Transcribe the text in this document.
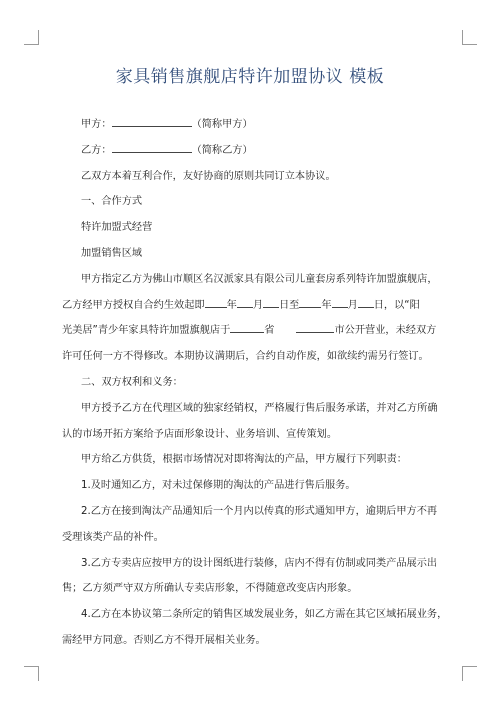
家具销售旗舰店特许加盟协议 模板

甲方：	（简称甲方）

乙方：	（简称乙方）

乙双方本着互利合作，友好协商的原则共同订立本协议。

一、合作方式

特许加盟式经营

加盟销售区域

甲方指定乙方为佛山市顺区名汉派家具有限公司儿童套房系列特许加盟旗舰店，

乙方经甲方授权自合约生效起即 年 月 日至 年 月 日，以“阳

光美居”青少年家具特许加盟旗舰店于	省	市公开营业，未经双方

许可任何一方不得修改。本期协议满期后，合约自动作废，如欲续约需另行签订。

二、双方权利和义务：

甲方授予乙方在代理区域的独家经销权，严格履行售后服务承诺，并对乙方所确

认的市场开拓方案给予店面形象设计、业务培训、宣传策划。

甲方给乙方供货，根据市场情况对即将淘汰的产品，甲方履行下列职责：

1.及时通知乙方，对未过保修期的淘汰的产品进行售后服务。

2.乙方在接到淘汰产品通知后一个月内以传真的形式通知甲方，逾期后甲方不再

受理该类产品的补件。

3.乙方专卖店应按甲方的设计图纸进行装修，店内不得有仿制或同类产品展示出

售；乙方须严守双方所确认专卖店形象，不得随意改变店内形象。

4.乙方在本协议第二条所定的销售区域发展业务，如乙方需在其它区域拓展业务，

需经甲方同意。否则乙方不得开展相关业务。
